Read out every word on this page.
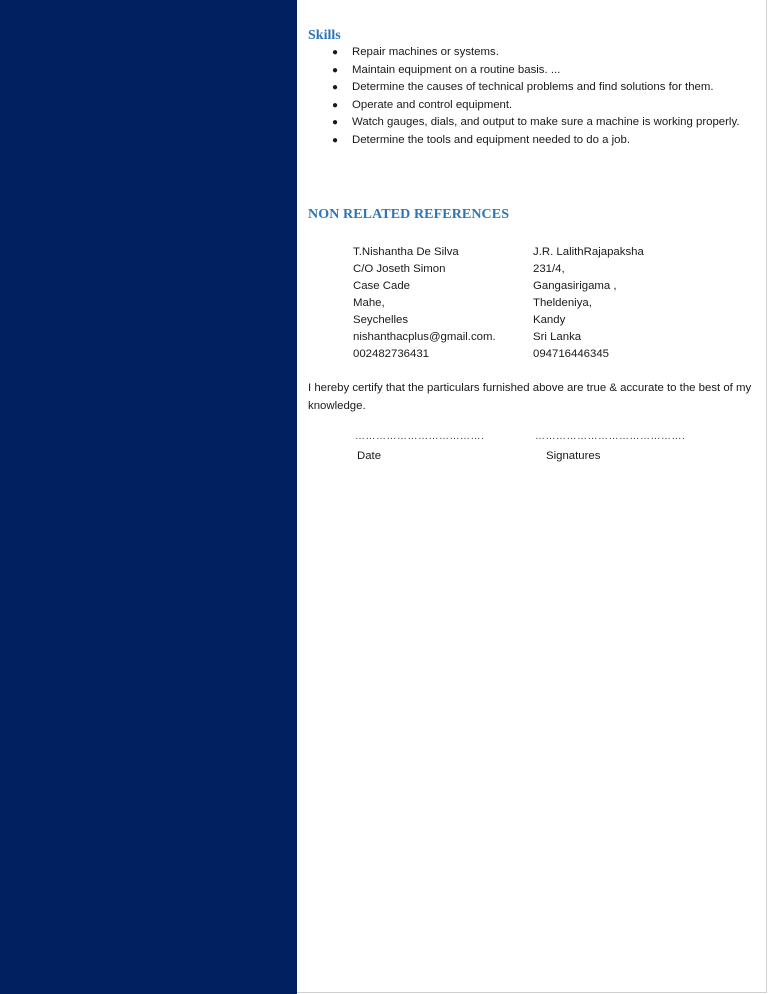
Skills
● Repair machines or systems.
● Maintain equipment on a routine basis. ...
● Determine the causes of technical problems and find solutions for them.
● Operate and control equipment.
● Watch gauges, dials, and output to make sure a machine is working properly.
● Determine the tools and equipment needed to do a job.
NON RELATED REFERENCES
T.Nishantha De Silva
C/O Joseth Simon
Case Cade
Mahe,
Seychelles
nishanthacplus@gmail.com.
002482736431
J.R. LalithRajapaksha
231/4,
Gangasirigama ,
Theldeniya,
Kandy
Sri Lanka
094716446345

I hereby certify that the particulars furnished above are true & accurate to the best of my knowledge.

……………………………….	…………………………………….
Date	Signatures
